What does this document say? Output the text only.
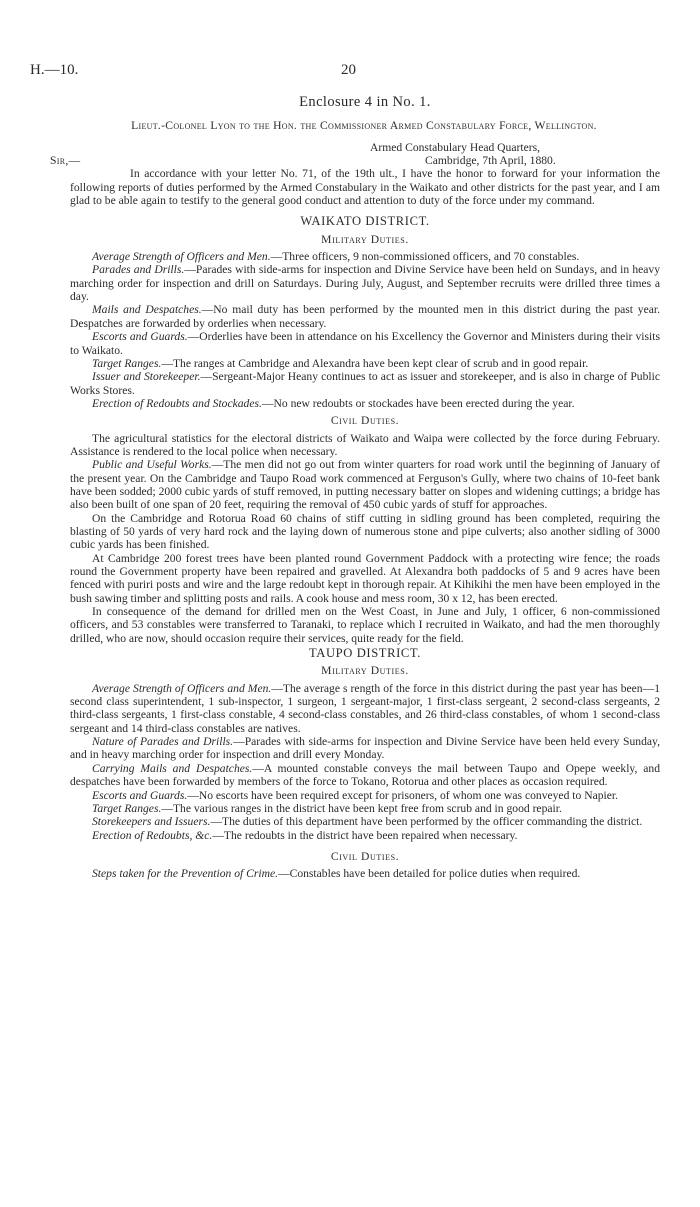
H.—10.	20
Enclosure 4 in No. 1.

Lieut.-Colonel Lyon to the Hon. the Commissioner Armed Constabulary Force, Wellington.

Armed Constabulary Head Quarters,

Sir,—	Cambridge, 7th April, 1880.

In accordance with your letter No. 71, of the 19th ult., I have the honor to forward for your information the following reports of duties performed by the Armed Constabulary in the Waikato and other districts for the past year, and I am glad to be able again to testify to the general good conduct and attention to duty of the force under my command.

WAIKATO DISTRICT.
Military Duties.

Average Strength of Officers and Men.—Three officers, 9 non-commissioned officers, and 70 constables.

Parades and Drills.—Parades with side-arms for inspection and Divine Service have been held on Sundays, and in heavy marching order for inspection and drill on Saturdays. During July, August, and September recruits were drilled three times a day.

Mails and Despatches.—No mail duty has been performed by the mounted men in this district during the past year. Despatches are forwarded by orderlies when necessary.

Escorts and Guards.—Orderlies have been in attendance on his Excellency the Governor and Ministers during their visits to Waikato.

Target Ranges.—The ranges at Cambridge and Alexandra have been kept clear of scrub and in good repair.

Issuer and Storekeeper.—Sergeant-Major Heany continues to act as issuer and storekeeper, and is also in charge of Public Works Stores.

Erection of Redoubts and Stockades.—No new redoubts or stockades have been erected during the year.

Civil Duties.

The agricultural statistics for the electoral districts of Waikato and Waipa were collected by the force during February. Assistance is rendered to the local police when necessary.

Public and Useful Works.—The men did not go out from winter quarters for road work until the beginning of January of the present year. On the Cambridge and Taupo Road work commenced at Ferguson's Gully, where two chains of 10-feet bank have been sodded; 2000 cubic yards of stuff removed, in putting necessary batter on slopes and widening cuttings; a bridge has also been built of one span of 20 feet, requiring the removal of 450 cubic yards of stuff for approaches.

On the Cambridge and Rotorua Road 60 chains of stiff cutting in sidling ground has been completed, requiring the blasting of 50 yards of very hard rock and the laying down of numerous stone and pipe culverts; also another sidling of 3000 cubic yards has been finished.

At Cambridge 200 forest trees have been planted round Government Paddock with a protecting wire fence; the roads round the Government property have been repaired and gravelled. At Alexandra both paddocks of 5 and 9 acres have been fenced with puriri posts and wire and the large redoubt kept in thorough repair. At Kihikihi the men have been employed in the bush sawing timber and splitting posts and rails. A cook house and mess room, 30 x 12, has been erected.

In consequence of the demand for drilled men on the West Coast, in June and July, 1 officer, 6 non-commissioned officers, and 53 constables were transferred to Taranaki, to replace which I recruited in Waikato, and had the men thoroughly drilled, who are now, should occasion require their services, quite ready for the field.

TAUPO DISTRICT.
Military Duties.

Average Strength of Officers and Men.—The average s rength of the force in this district during the past year has been—1 second class superintendent, 1 sub-inspector, 1 surgeon, 1 sergeant-major, 1 first-class sergeant, 2 second-class sergeants, 2 third-class sergeants, 1 first-class constable, 4 second-class constables, and 26 third-class constables, of whom 1 second-class sergeant and 14 third-class constables are natives.

Nature of Parades and Drills.—Parades with side-arms for inspection and Divine Service have been held every Sunday, and in heavy marching order for inspection and drill every Monday.

Carrying Mails and Despatches.—A mounted constable conveys the mail between Taupo and Opepe weekly, and despatches have been forwarded by members of the force to Tokano, Rotorua and other places as occasion required.

Escorts and Guards.—No escorts have been required except for prisoners, of whom one was conveyed to Napier.

Target Ranges.—The various ranges in the district have been kept free from scrub and in good repair.

Storekeepers and Issuers.—The duties of this department have been performed by the officer commanding the district.

Erection of Redoubts, &c.—The redoubts in the district have been repaired when necessary.

Civil Duties.

Steps taken for the Prevention of Crime.—Constables have been detailed for police duties when required.
